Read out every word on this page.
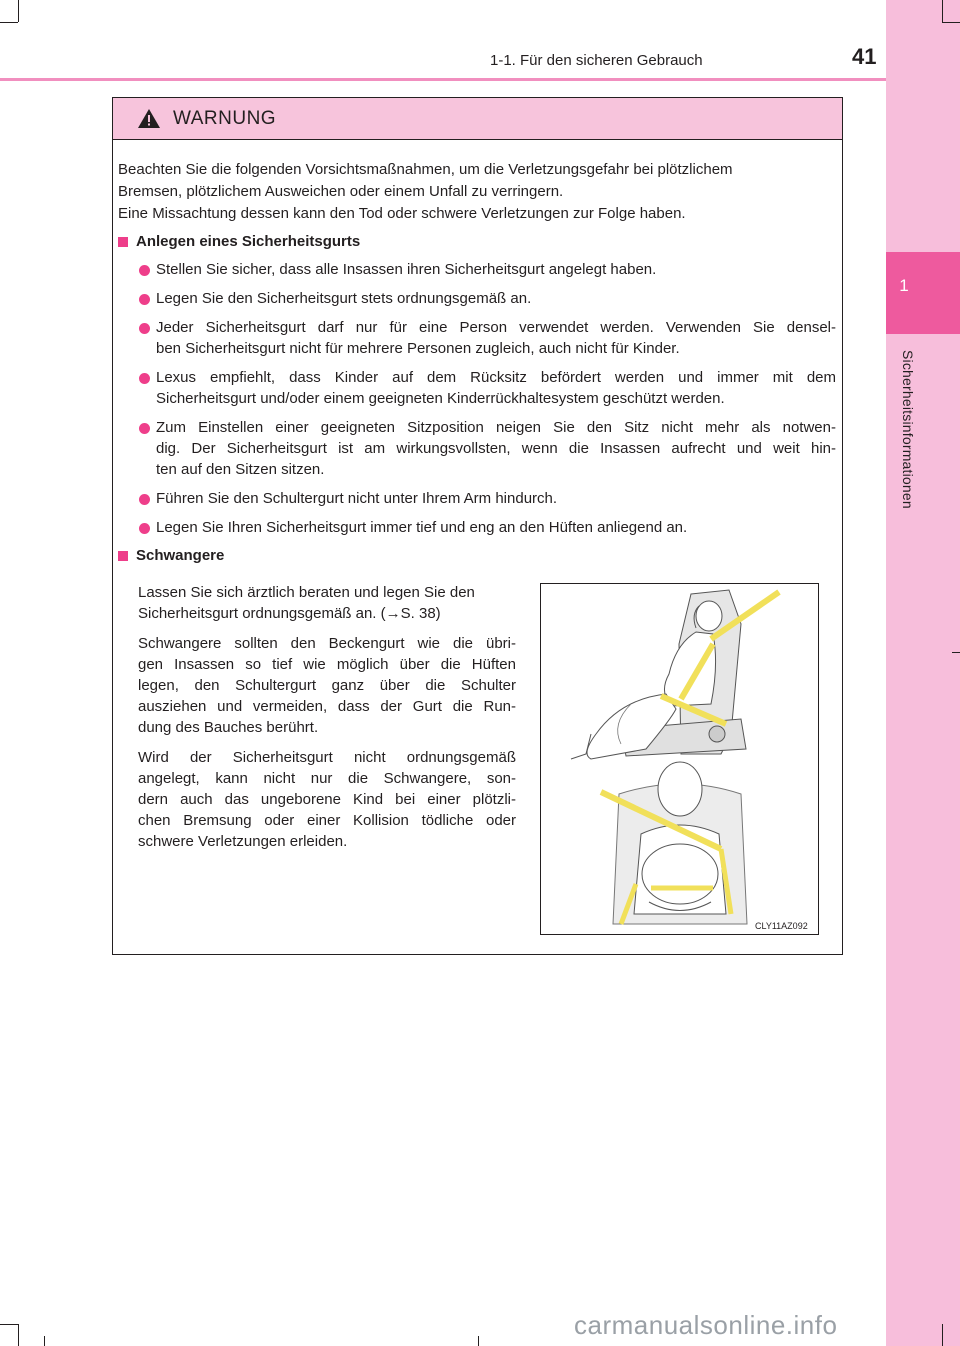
1
Sicherheitsinformationen
1-1. Für den sicheren Gebrauch	41
WARNUNG
Beachten Sie die folgenden Vorsichtsmaßnahmen, um die Verletzungsgefahr bei plötzlichem
Bremsen, plötzlichem Ausweichen oder einem Unfall zu verringern.
Eine Missachtung dessen kann den Tod oder schwere Verletzungen zur Folge haben.
Anlegen eines Sicherheitsgurts
Stellen Sie sicher, dass alle Insassen ihren Sicherheitsgurt angelegt haben.
Legen Sie den Sicherheitsgurt stets ordnungsgemäß an.
Jeder Sicherheitsgurt darf nur für eine Person verwendet werden. Verwenden Sie densel-
ben Sicherheitsgurt nicht für mehrere Personen zugleich, auch nicht für Kinder.
Lexus empfiehlt, dass Kinder auf dem Rücksitz befördert werden und immer mit dem
Sicherheitsgurt und/oder einem geeigneten Kinderrückhaltesystem geschützt werden.
Zum Einstellen einer geeigneten Sitzposition neigen Sie den Sitz nicht mehr als notwen-
dig. Der Sicherheitsgurt ist am wirkungsvollsten, wenn die Insassen aufrecht und weit hin-
ten auf den Sitzen sitzen.
Führen Sie den Schultergurt nicht unter Ihrem Arm hindurch.
Legen Sie Ihren Sicherheitsgurt immer tief und eng an den Hüften anliegend an.
Schwangere
Lassen Sie sich ärztlich beraten und legen Sie den
Sicherheitsgurt ordnungsgemäß an. (→S. 38)
Schwangere sollten den Beckengurt wie die übri-
gen Insassen so tief wie möglich über die Hüften
legen, den Schultergurt ganz über die Schulter
ausziehen und vermeiden, dass der Gurt die Run-
dung des Bauches berührt.
Wird der Sicherheitsgurt nicht ordnungsgemäß
angelegt, kann nicht nur die Schwangere, son-
dern auch das ungeborene Kind bei einer plötzli-
chen Bremsung oder einer Kollision tödliche oder
schwere Verletzungen erleiden.
CLY11AZ092
carmanualsonline.info
